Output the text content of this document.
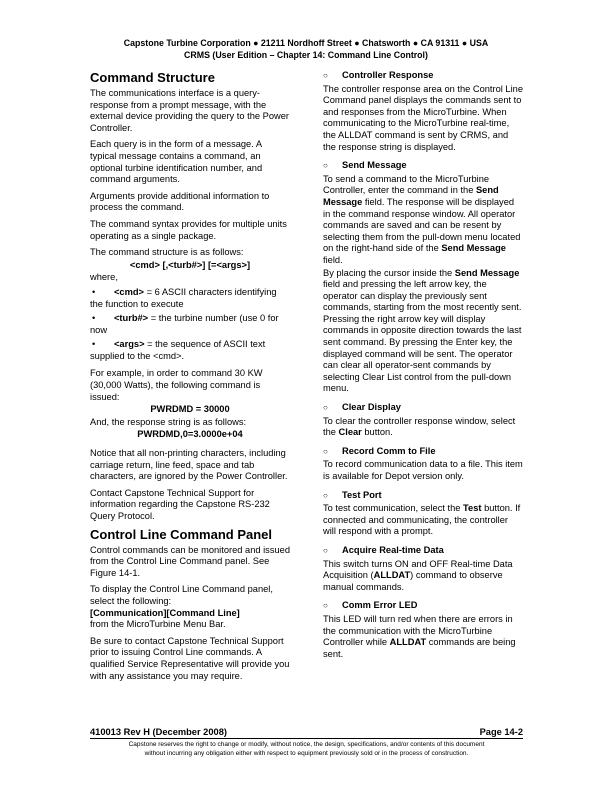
Capstone Turbine Corporation ● 21211 Nordhoff Street ● Chatsworth ● CA 91311 ● USA
CRMS (User Edition – Chapter 14: Command Line Control)
Command Structure

The communications interface is a query-response from a prompt message, with the external device providing the query to the Power Controller.

Each query is in the form of a message. A typical message contains a command, an optional turbine identification number, and command arguments.

Arguments provide additional information to process the command.

The command syntax provides for multiple units operating as a single package.

The command structure is as follows:

<cmd> [,<turb#>] [=<args>]

where,

• <cmd> = 6 ASCII characters identifying the function to execute
• <turb#> = the turbine number (use 0 for now
• <args> = the sequence of ASCII text supplied to the <cmd>.

For example, in order to command 30 KW (30,000 Watts), the following command is issued:

PWRDMD = 30000

And, the response string is as follows:

PWRDMD,0=3.0000e+04

Notice that all non-printing characters, including carriage return, line feed, space and tab characters, are ignored by the Power Controller.

Contact Capstone Technical Support for information regarding the Capstone RS-232 Query Protocol.

Control Line Command Panel

Control commands can be monitored and issued from the Control Line Command panel. See Figure 14-1.

To display the Control Line Command panel, select the following:

[Communication][Command Line]

from the MicroTurbine Menu Bar.

Be sure to contact Capstone Technical Support prior to issuing Control Line commands. A qualified Service Representative will provide you with any assistance you may require.

○ Controller Response

The controller response area on the Control Line Command panel displays the commands sent to and responses from the MicroTurbine. When communicating to the MicroTurbine real-time, the ALLDAT command is sent by CRMS, and the response string is displayed.

○ Send Message

To send a command to the MicroTurbine Controller, enter the command in the Send Message field. The response will be displayed in the command response window. All operator commands are saved and can be resent by selecting them from the pull-down menu located on the right-hand side of the Send Message field.

By placing the cursor inside the Send Message field and pressing the left arrow key, the operator can display the previously sent commands, starting from the most recently sent. Pressing the right arrow key will display commands in opposite direction towards the last sent command. By pressing the Enter key, the displayed command will be sent. The operator can clear all operator-sent commands by selecting Clear List control from the pull-down menu.

○ Clear Display

To clear the controller response window, select the Clear button.

○ Record Comm to File

To record communication data to a file. This item is available for Depot version only.

○ Test Port

To test communication, select the Test button. If connected and communicating, the controller will respond with a prompt.

○ Acquire Real-time Data

This switch turns ON and OFF Real-time Data Acquisition (ALLDAT) command to observe manual commands.

○ Comm Error LED

This LED will turn red when there are errors in the communication with the MicroTurbine Controller while ALLDAT commands are being sent.

410013 Rev H (December 2008)	Page 14-2
Capstone reserves the right to change or modify, without notice, the design, specifications, and/or contents of this document
without incurring any obligation either with respect to equipment previously sold or in the process of construction.
